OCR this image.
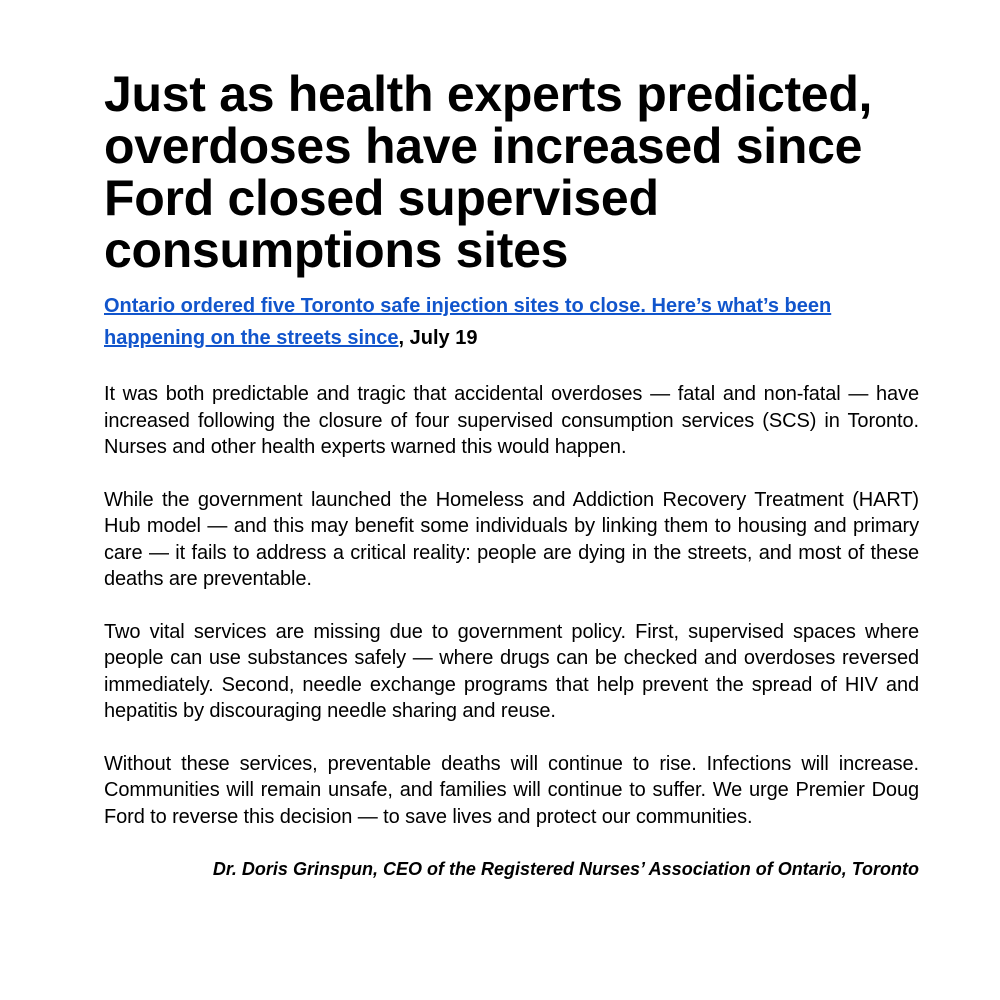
Just as health experts predicted, overdoses have increased since Ford closed supervised consumptions sites
Ontario ordered five Toronto safe injection sites to close. Here’s what’s been happening on the streets since, July 19

It was both predictable and tragic that accidental overdoses — fatal and non-fatal — have increased following the closure of four supervised consumption services (SCS) in Toronto. Nurses and other health experts warned this would happen.

While the government launched the Homeless and Addiction Recovery Treatment (HART) Hub model — and this may benefit some individuals by linking them to housing and primary care — it fails to address a critical reality: people are dying in the streets, and most of these deaths are preventable.

Two vital services are missing due to government policy. First, supervised spaces where people can use substances safely — where drugs can be checked and overdoses reversed immediately. Second, needle exchange programs that help prevent the spread of HIV and hepatitis by discouraging needle sharing and reuse.

Without these services, preventable deaths will continue to rise. Infections will increase. Communities will remain unsafe, and families will continue to suffer. We urge Premier Doug Ford to reverse this decision — to save lives and protect our communities.

Dr. Doris Grinspun, CEO of the Registered Nurses’ Association of Ontario, Toronto
